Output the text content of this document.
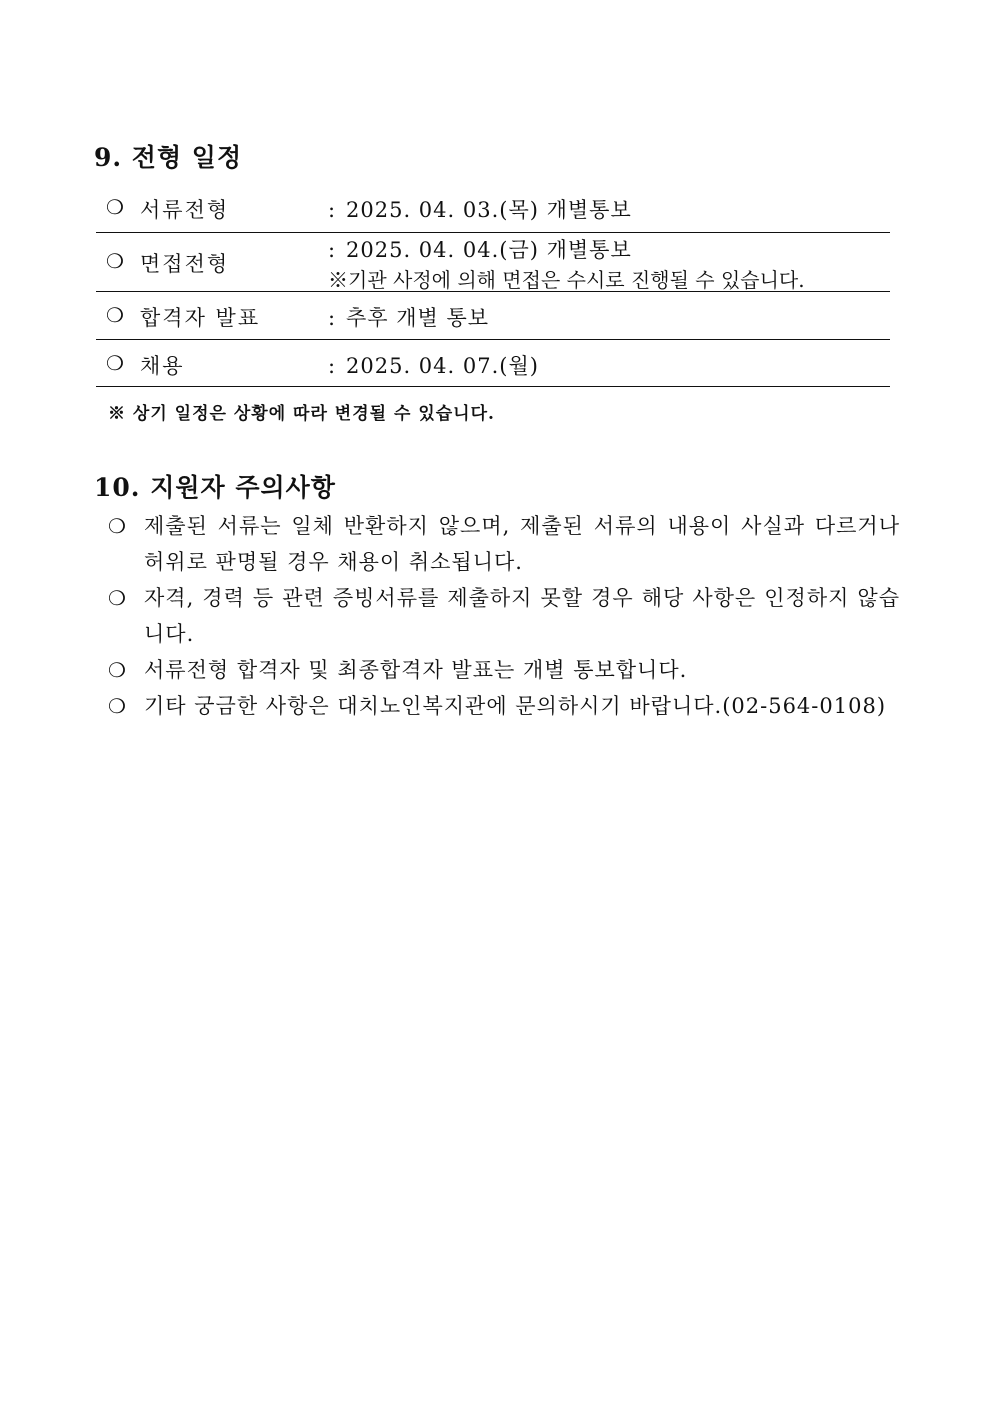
9. 전형 일정
❍ 서류전형	: 2025. 04. 03.(목) 개별통보
❍ 면접전형
: 2025. 04. 04.(금) 개별통보
※기관 사정에 의해 면접은 수시로 진행될 수 있습니다.
❍ 합격자 발표	: 추후 개별 통보
❍ 채용	: 2025. 04. 07.(월)
※ 상기 일정은 상황에 따라 변경될 수 있습니다.
10. 지원자 주의사항
❍ 제출된 서류는 일체 반환하지 않으며, 제출된 서류의 내용이 사실과 다르거나 허위로 판명될 경우 채용이 취소됩니다.
❍ 자격, 경력 등 관련 증빙서류를 제출하지 못할 경우 해당 사항은 인정하지 않습니다.
❍ 서류전형 합격자 및 최종합격자 발표는 개별 통보합니다.
❍ 기타 궁금한 사항은 대치노인복지관에 문의하시기 바랍니다.(02-564-0108)
